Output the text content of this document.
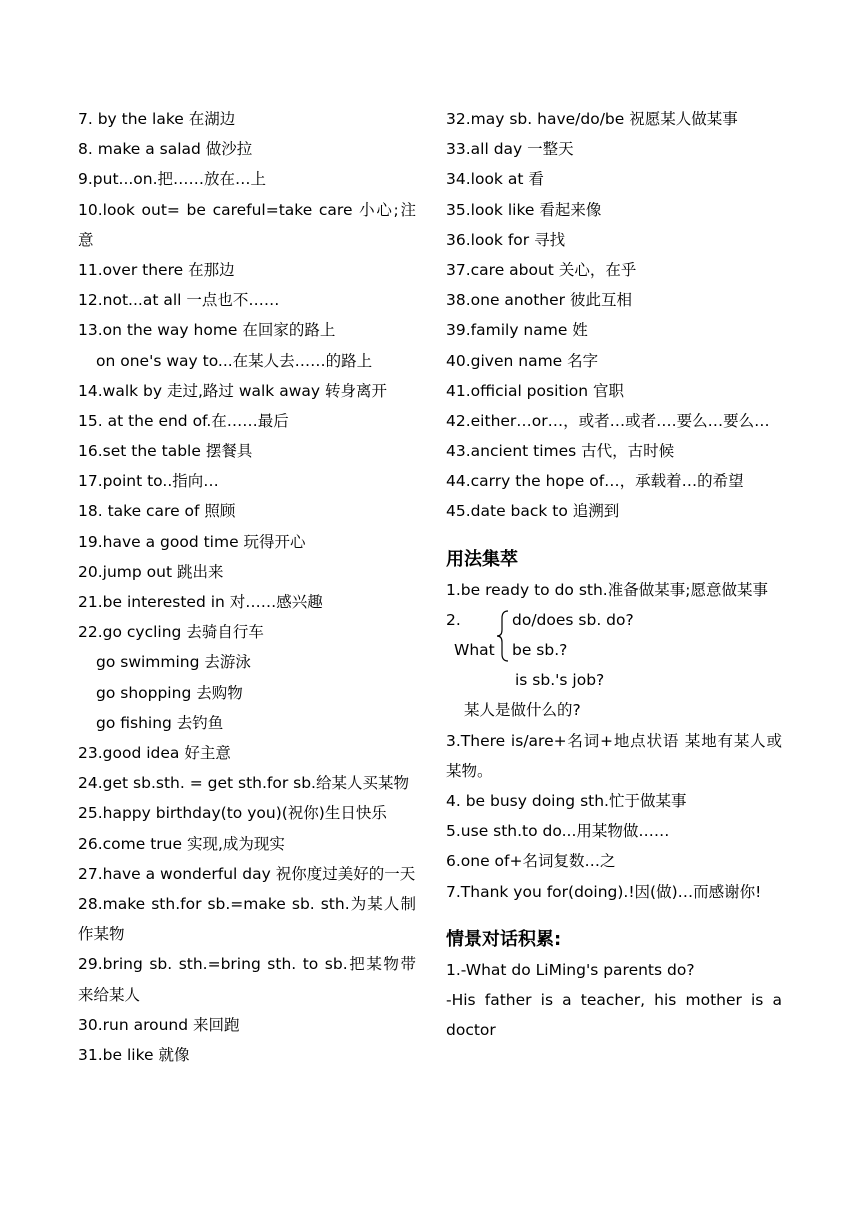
7. by the lake 在湖边
8. make a salad 做沙拉
9.put...on.把……放在…上
10.look out= be careful=take care 小心;注意
11.over there 在那边
12.not...at all 一点也不……
13.on the way home 在回家的路上
on one's way to...在某人去……的路上
14.walk by 走过,路过 walk away 转身离开
15. at the end of.在……最后
16.set the table 摆餐具
17.point to..指向…
18. take care of 照顾
19.have a good time 玩得开心
20.jump out 跳出来
21.be interested in 对……感兴趣
22.go cycling 去骑自行车
go swimming 去游泳
go shopping 去购物
go fishing 去钓鱼
23.good idea 好主意
24.get sb.sth. = get sth.for sb.给某人买某物
25.happy birthday(to you)(祝你)生日快乐
26.come true 实现,成为现实
27.have a wonderful day 祝你度过美好的一天
28.make sth.for sb.=make sb. sth.为某人制作某物
29.bring sb. sth.=bring sth. to sb.把某物带来给某人
30.run around 来回跑
31.be like 就像
32.may sb. have/do/be 祝愿某人做某事
33.all day 一整天
34.look at 看
35.look like 看起来像
36.look for 寻找
37.care about 关心，在乎
38.one another 彼此互相
39.family name 姓
40.given name 名字
41.official position 官职
42.either…or…，或者…或者….要么…要么…
43.ancient times 古代，古时候
44.carry the hope of…，承载着…的希望
45.date back to 追溯到
用法集萃
1.be ready to do sth.准备做某事;愿意做某事
2.
What
do/does sb. do?
be sb.?
is sb.'s job?
某人是做什么的?
3.There is/are+名词+地点状语 某地有某人或某物。
4. be busy doing sth.忙于做某事
5.use sth.to do...用某物做……
6.one of+名词复数…之
7.Thank you for(doing).!因(做)…而感谢你!
情景对话积累:
1.-What do LiMing's parents do?
-His father is a teacher, his mother is a doctor
